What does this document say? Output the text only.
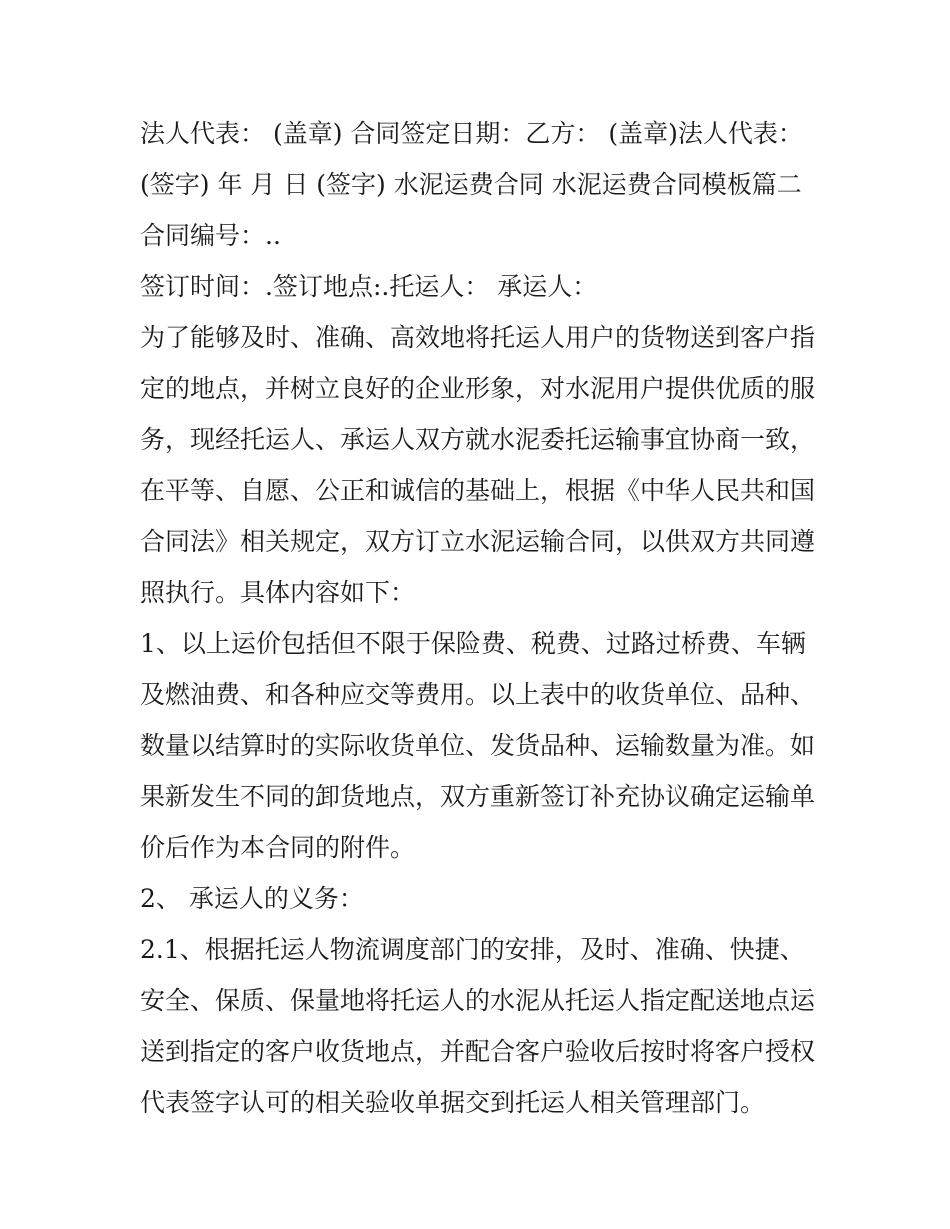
法人代表： (盖章) 合同签定日期：乙方： (盖章)法人代表：
(签字) 年 月 日 (签字) 水泥运费合同 水泥运费合同模板篇二
合同编号：..
签订时间：.签订地点:.托运人： 承运人：
为了能够及时、准确、高效地将托运人用户的货物送到客户指
定的地点，并树立良好的企业形象，对水泥用户提供优质的服
务，现经托运人、承运人双方就水泥委托运输事宜协商一致，
在平等、自愿、公正和诚信的基础上，根据《中华人民共和国
合同法》相关规定，双方订立水泥运输合同，以供双方共同遵
照执行。具体内容如下：
1、以上运价包括但不限于保险费、税费、过路过桥费、车辆
及燃油费、和各种应交等费用。以上表中的收货单位、品种、
数量以结算时的实际收货单位、发货品种、运输数量为准。如
果新发生不同的卸货地点，双方重新签订补充协议确定运输单
价后作为本合同的附件。
2、 承运人的义务：
2.1、根据托运人物流调度部门的安排，及时、准确、快捷、
安全、保质、保量地将托运人的水泥从托运人指定配送地点运
送到指定的客户收货地点，并配合客户验收后按时将客户授权
代表签字认可的相关验收单据交到托运人相关管理部门。
